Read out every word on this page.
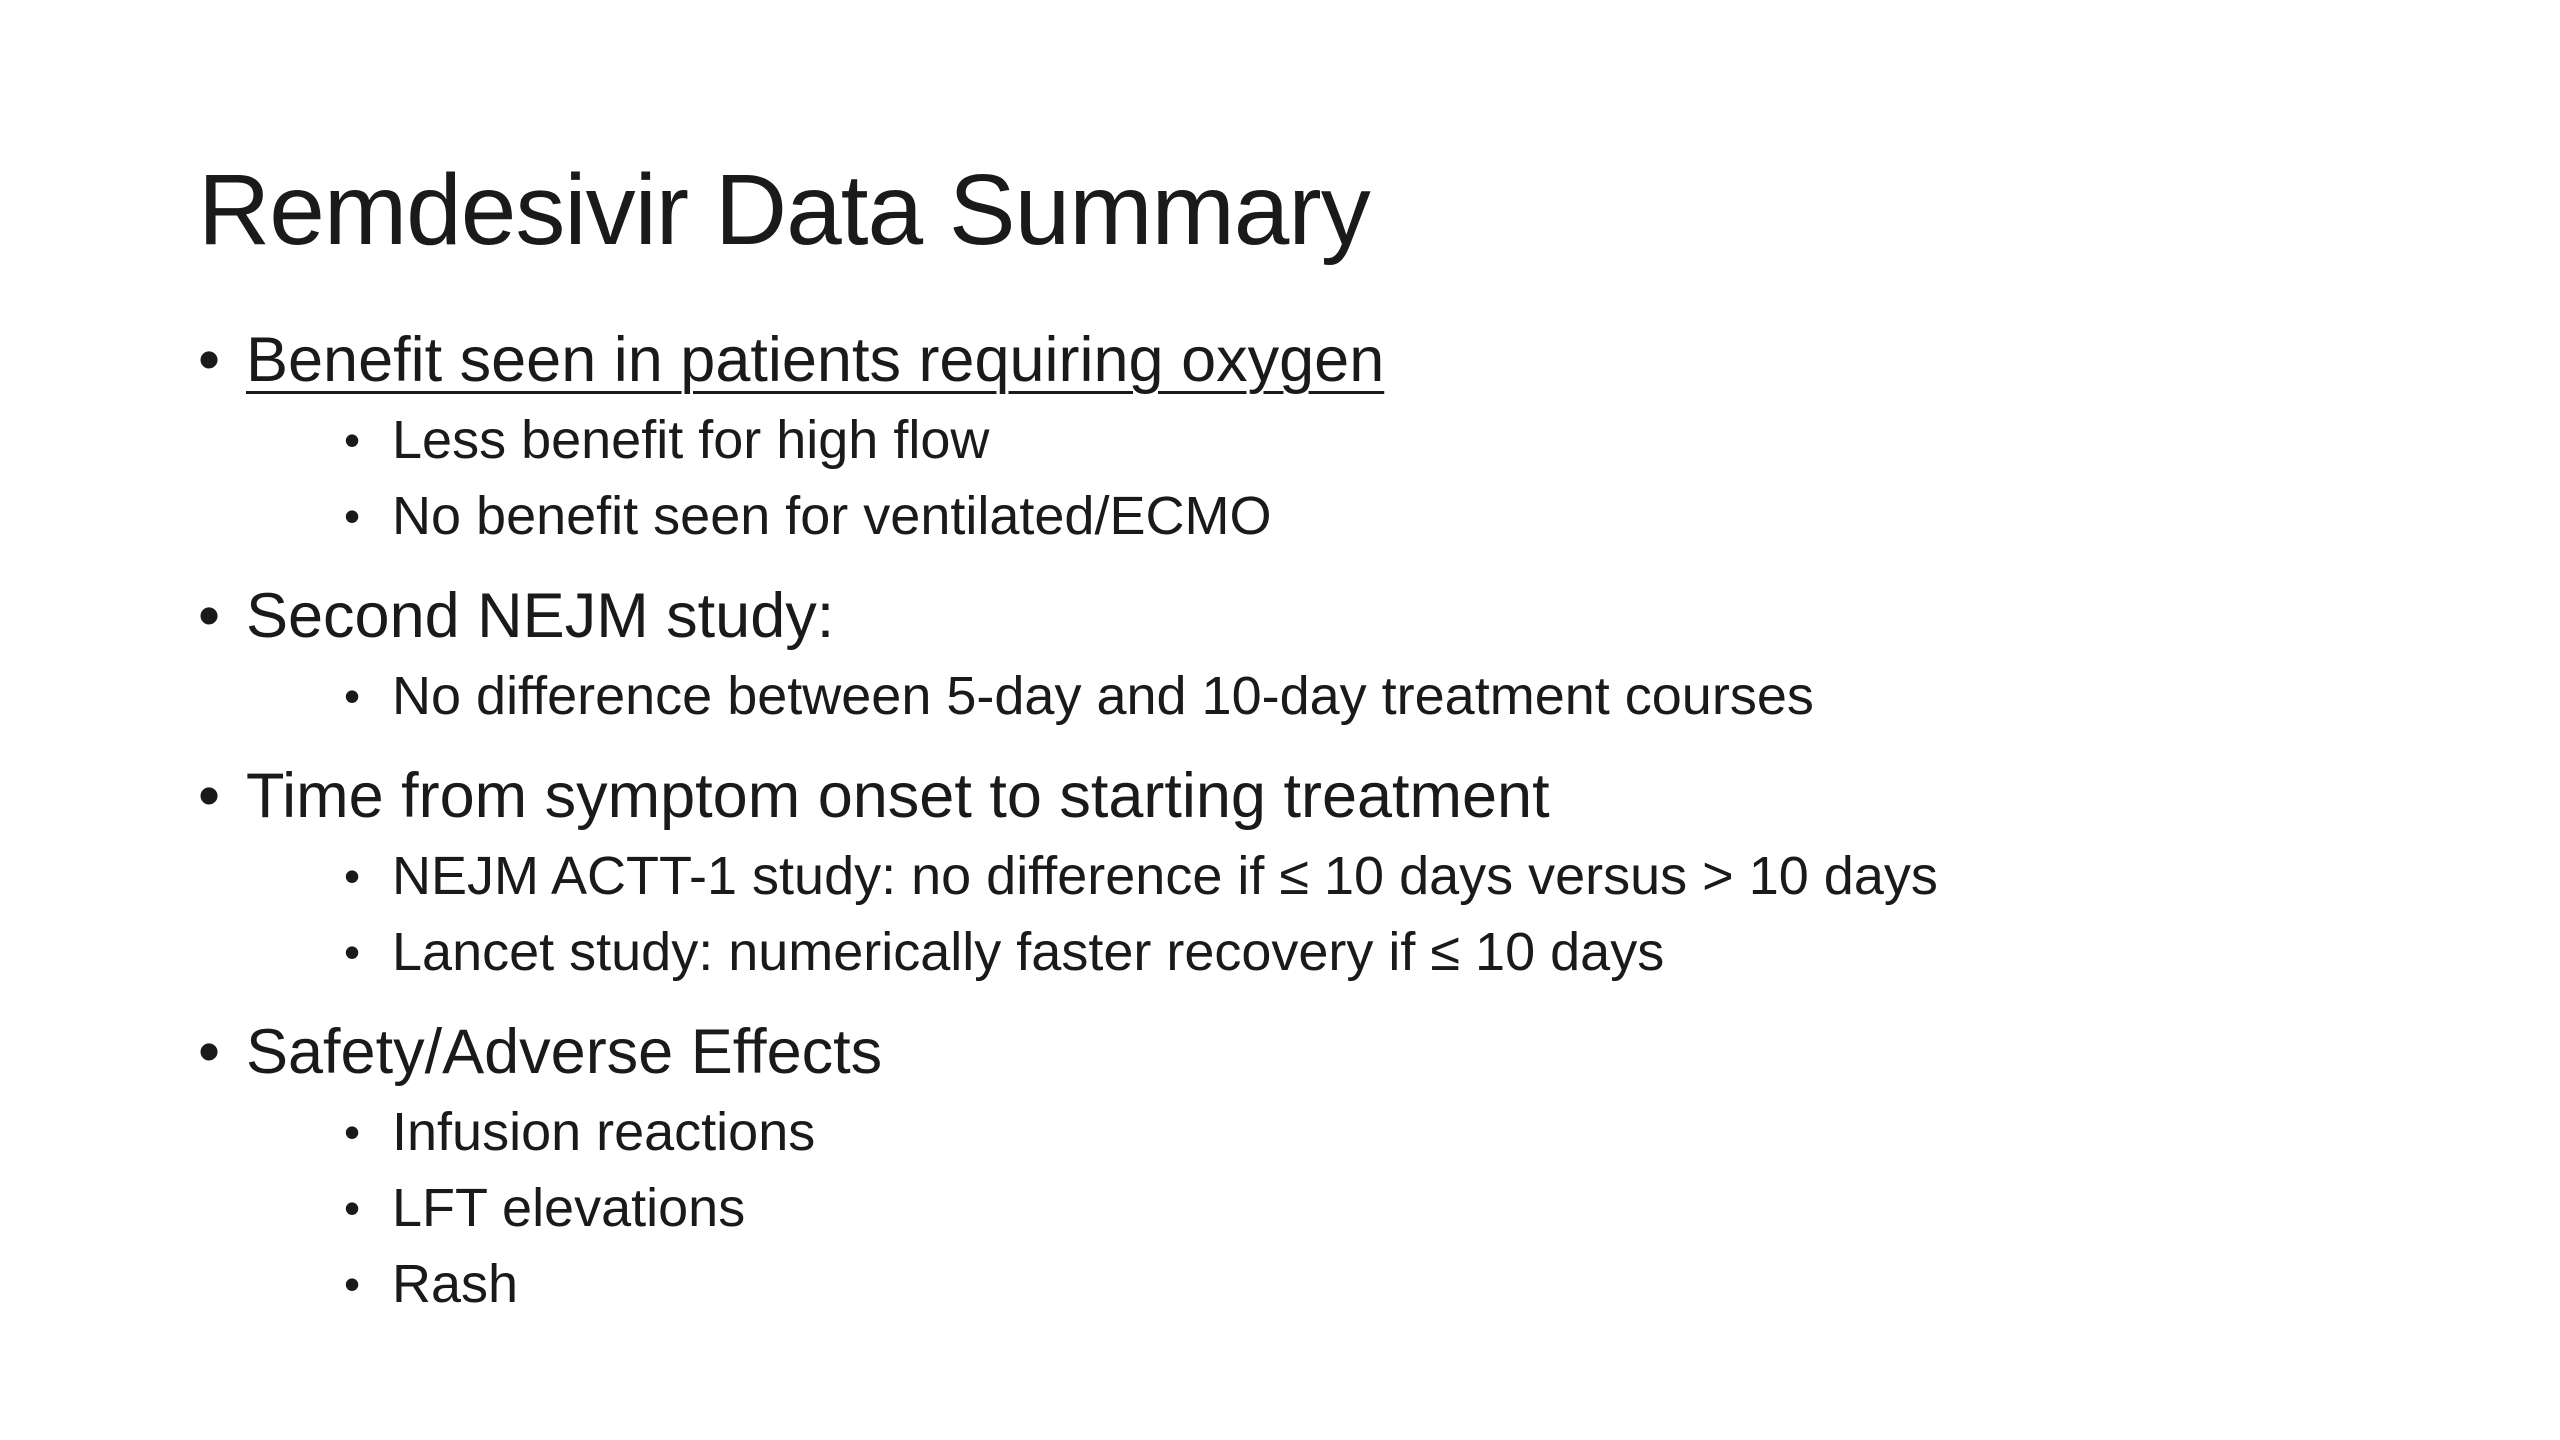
Remdesivir Data Summary
• Benefit seen in patients requiring oxygen
• Less benefit for high flow
• No benefit seen for ventilated/ECMO
• Second NEJM study:
• No difference between 5-day and 10-day treatment courses
• Time from symptom onset to starting treatment
• NEJM ACTT-1 study: no difference if ≤ 10 days versus > 10 days
• Lancet study: numerically faster recovery if ≤ 10 days
• Safety/Adverse Effects
• Infusion reactions
• LFT elevations
• Rash
